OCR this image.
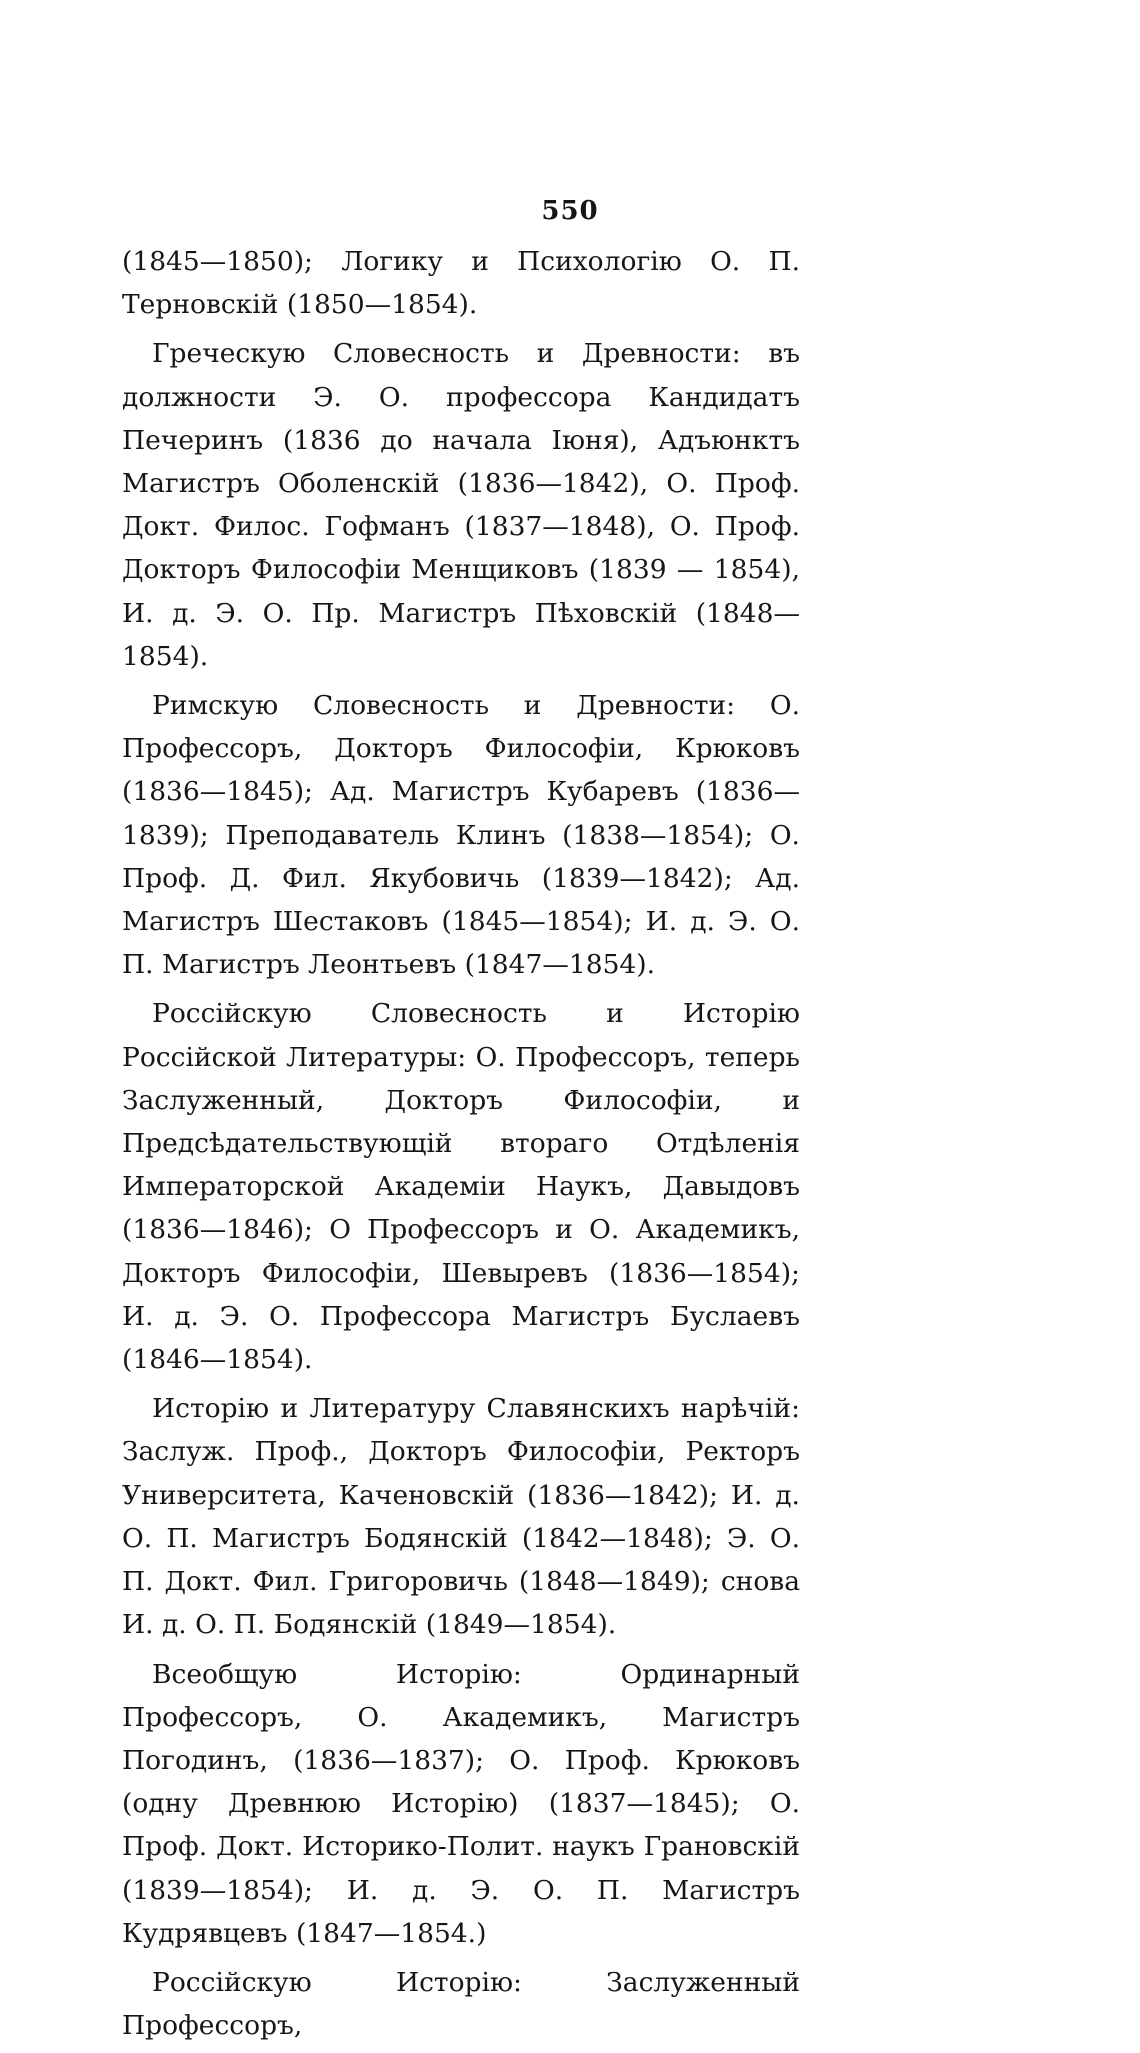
550

(1845—1850); Логику и Психологію О. П. Терновскій (1850—1854).

Греческую Словесность и Древности: въ должности Э. О. профессора Кандидатъ Печеринъ (1836 до начала Іюня), Адъюнктъ Магистръ Оболенскій (1836—1842), О. Проф. Докт. Филос. Гофманъ (1837—1848), О. Проф. Докторъ Философіи Менщиковъ (1839 — 1854), И. д. Э. О. Пр. Магистръ Пѣховскій (1848—1854).

Римскую Словесность и Древности: О. Профессоръ, Докторъ Философіи, Крюковъ (1836—1845); Ад. Магистръ Кубаревъ (1836—1839); Преподаватель Клинъ (1838—1854); О. Проф. Д. Фил. Якубовичь (1839—1842); Ад. Магистръ Шестаковъ (1845—1854); И. д. Э. О. П. Магистръ Леонтьевъ (1847—1854).

Россійскую Словесность и Исторію Россійской Литературы: О. Профессоръ, теперь Заслуженный, Докторъ Философіи, и Предсѣдательствующій втораго Отдѣленія Императорской Академіи Наукъ, Давыдовъ (1836—1846); О Профессоръ и О. Академикъ, Докторъ Философіи, Шевыревъ (1836—1854); И. д. Э. О. Профессора Магистръ Буслаевъ (1846—1854).

Исторію и Литературу Славянскихъ нарѣчій: Заслуж. Проф., Докторъ Философіи, Ректоръ Университета, Каченовскій (1836—1842); И. д. О. П. Магистръ Бодянскій (1842—1848); Э. О. П. Докт. Фил. Григоровичь (1848—1849); снова И. д. О. П. Бодянскій (1849—1854).

Всеобщую Исторію: Ординарный Профессоръ, О. Академикъ, Магистръ Погодинъ, (1836—1837); О. Проф. Крюковъ (одну Древнюю Исторію) (1837—1845); О. Проф. Докт. Историко-Полит. наукъ Грановскій (1839—1854); И. д. Э. О. П. Магистръ Кудрявцевъ (1847—1854.)

Россійскую Исторію: Заслуженный Профессоръ,
